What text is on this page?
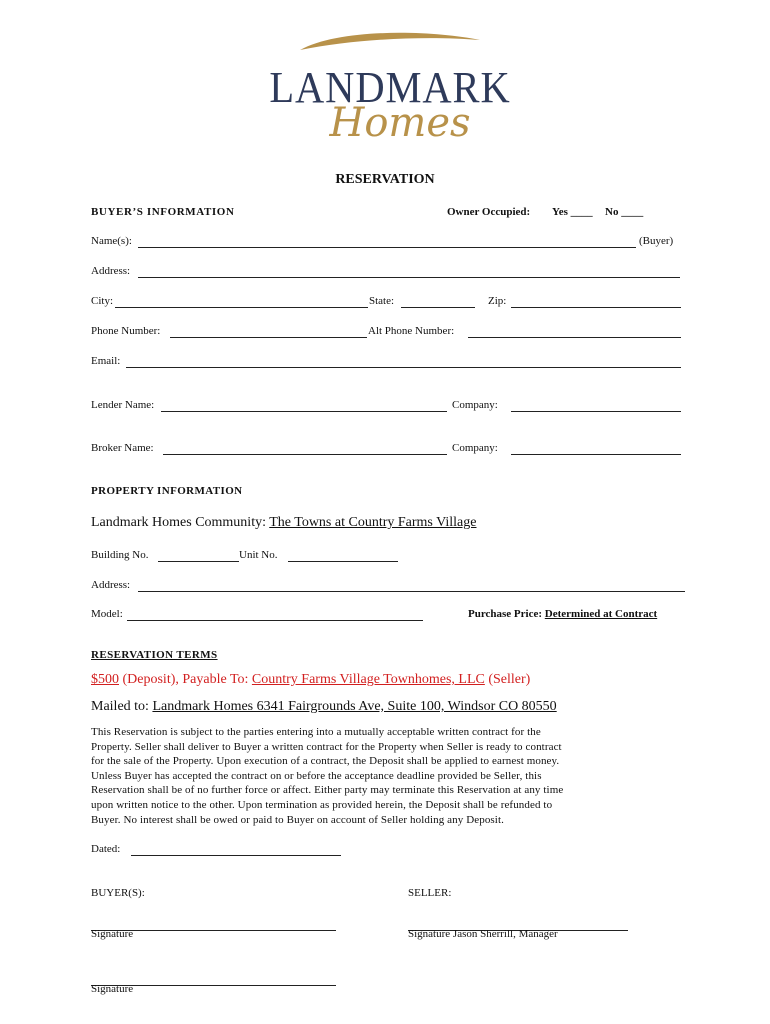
LANDMARK
Homes
RESERVATION
BUYER’S INFORMATION	Owner Occupied: Yes ____ No ____
Name(s):	(Buyer)
Address:
City:	State:	Zip:
Phone Number:	Alt Phone Number:
Email:
Lender Name:	Company:
Broker Name:	Company:
PROPERTY INFORMATION
Landmark Homes Community: The Towns at Country Farms Village
Building No.	Unit No.
Address:
Model:	Purchase Price: Determined at Contract
RESERVATION TERMS
$500 (Deposit), Payable To: Country Farms Village Townhomes, LLC (Seller)
Mailed to: Landmark Homes 6341 Fairgrounds Ave, Suite 100, Windsor CO 80550
This Reservation is subject to the parties entering into a mutually acceptable written contract for the
Property. Seller shall deliver to Buyer a written contract for the Property when Seller is ready to contract
for the sale of the Property. Upon execution of a contract, the Deposit shall be applied to earnest money.
Unless Buyer has accepted the contract on or before the acceptance deadline provided be Seller, this
Reservation shall be of no further force or affect. Either party may terminate this Reservation at any time
upon written notice to the other. Upon termination as provided herein, the Deposit shall be refunded to
Buyer. No interest shall be owed or paid to Buyer on account of Seller holding any Deposit.
Dated:
BUYER(S):	SELLER:
Signature	Signature Jason Sherrill, Manager
Signature
